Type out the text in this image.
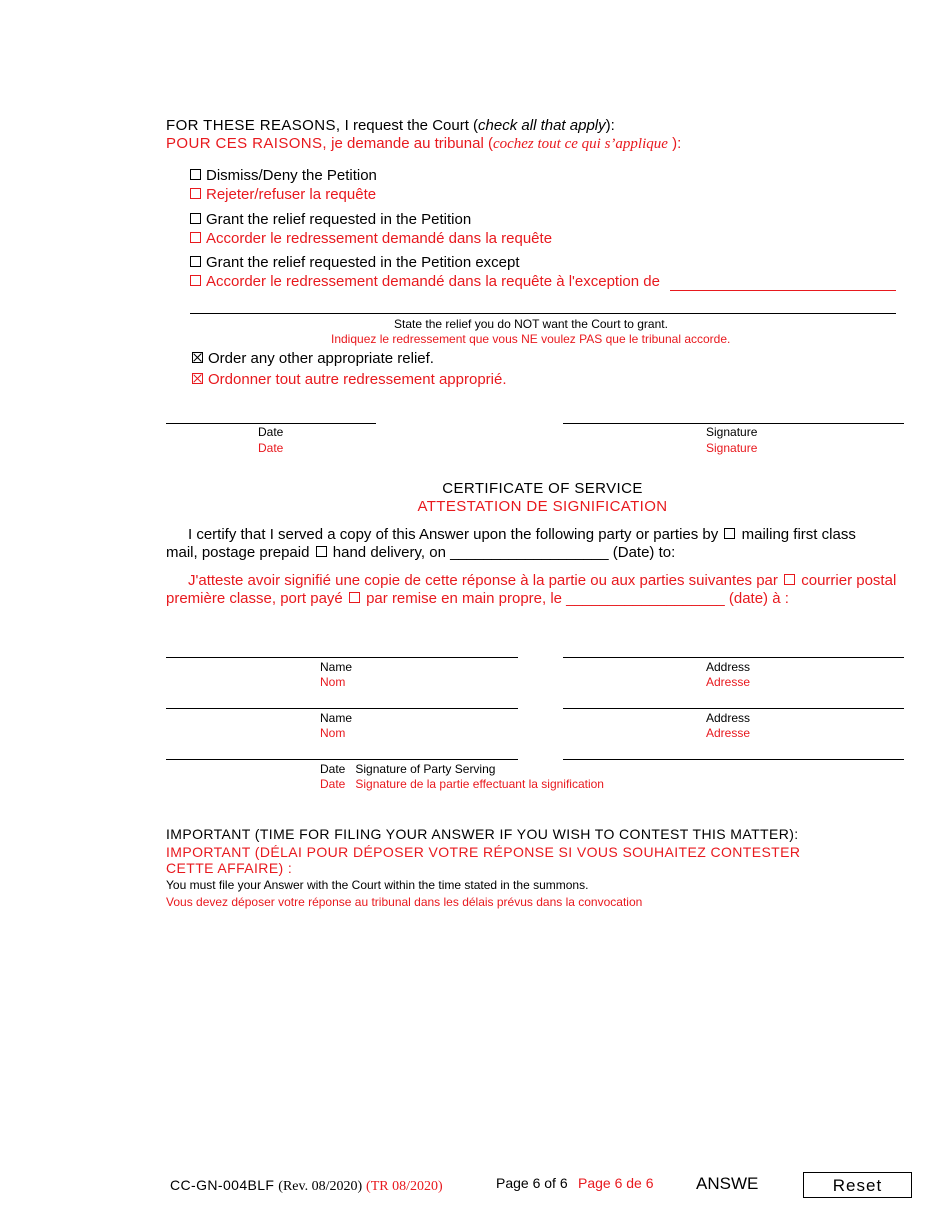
FOR THESE REASONS, I request the Court (check all that apply):
POUR CES RAISONS, je demande au tribunal (cochez tout ce qui s’applique ):
Dismiss/Deny the Petition
Rejeter/refuser la requête
Grant the relief requested in the Petition
Accorder le redressement demandé dans la requête
Grant the relief requested in the Petition except
Accorder le redressement demandé dans la requête à l'exception de
State the relief you do NOT want the Court to grant.
Indiquez le redressement que vous NE voulez PAS que le tribunal accorde.
Order any other appropriate relief.
Ordonner tout autre redressement approprié.
Date
Date
Signature
Signature
CERTIFICATE OF SERVICE
ATTESTATION DE SIGNIFICATION
I certify that I served a copy of this Answer upon the following party or parties by mailing first class
mail, postage prepaid hand delivery, on ___________________ (Date) to:
J'atteste avoir signifié une copie de cette réponse à la partie ou aux parties suivantes par courrier postal
première classe, port payé par remise en main propre, le ___________________ (date) à :
Name
Nom
Address
Adresse
Name
Nom
Address
Adresse
Date Signature of Party Serving
Date Signature de la partie effectuant la signification
IMPORTANT (TIME FOR FILING YOUR ANSWER IF YOU WISH TO CONTEST THIS MATTER):
IMPORTANT (DÉLAI POUR DÉPOSER VOTRE RÉPONSE SI VOUS SOUHAITEZ CONTESTER
CETTE AFFAIRE) :
You must file your Answer with the Court within the time stated in the summons.
Vous devez déposer votre réponse au tribunal dans les délais prévus dans la convocation
CC-GN-004BLF (Rev. 08/2020) (TR 08/2020)	Page 6 of 6 Page 6 de 6 ANSWE	Reset
